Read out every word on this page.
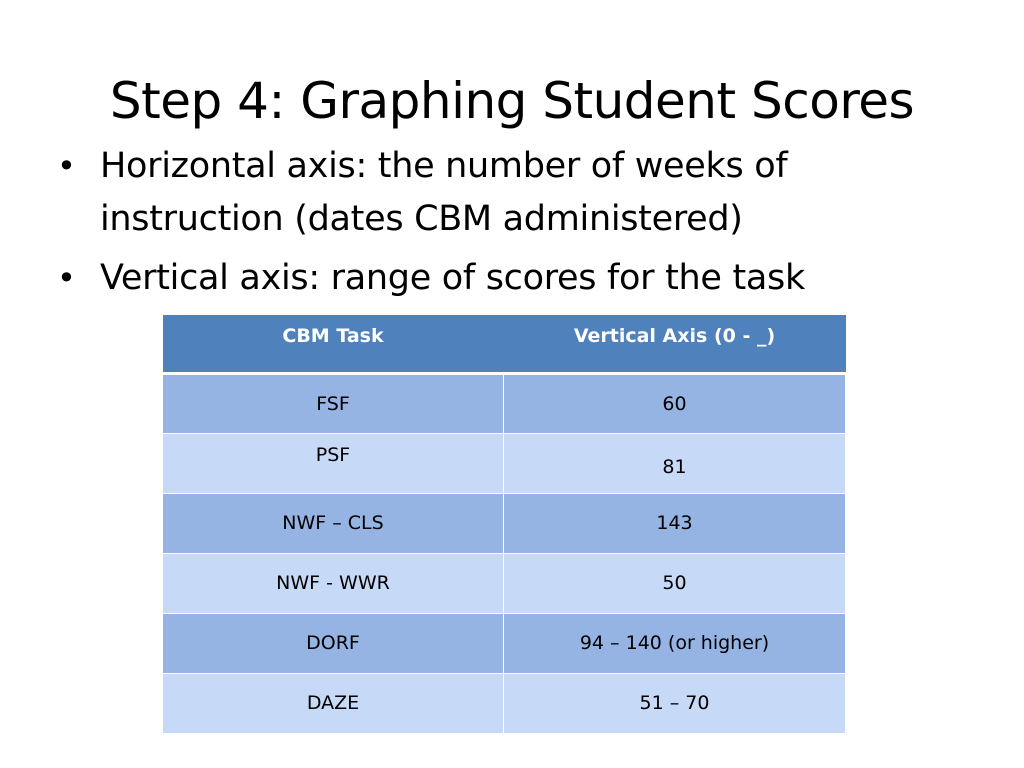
Step 4: Graphing Student Scores
• Horizontal axis: the number of weeks of instruction (dates CBM administered)
• Vertical axis: range of scores for the task
CBM Task	Vertical Axis (0 - _)
FSF	60
PSF	81
NWF – CLS	143
NWF - WWR	50
DORF	94 – 140 (or higher)
DAZE	51 – 70
